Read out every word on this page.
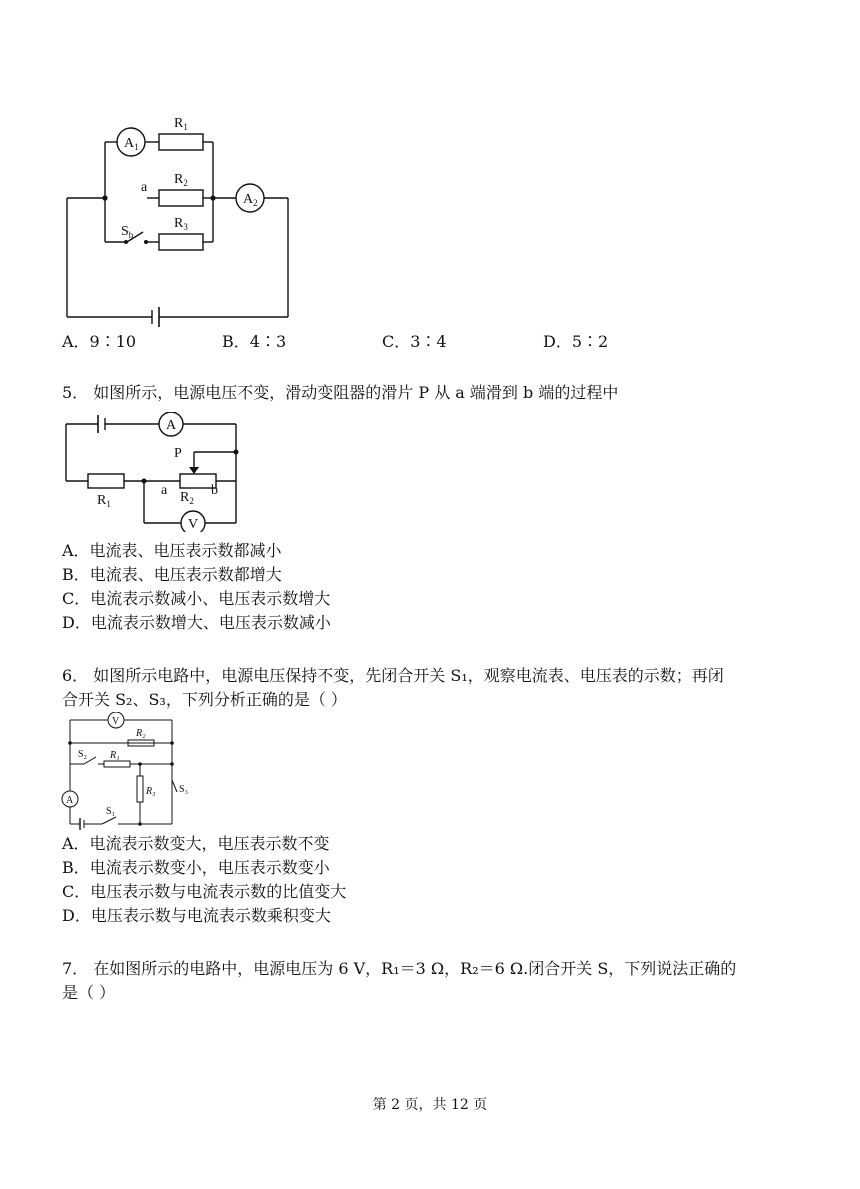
$A_1$
$A_2$
$R_1$
$R_2$
$R_3$
a
$S_b$
A．9∶10	B．4∶3	C．3∶4	D．5∶2
5． 如图所示，电源电压不变，滑动变阻器的滑片 P 从 a 端滑到 b 端的过程中
A
V
P
$R_1$	$R_2$
a	b
A．电流表、电压表示数都减小
B．电流表、电压表示数都增大
C．电流表示数减小、电压表示数增大
D．电流表示数增大、电压表示数减小
6． 如图所示电路中，电源电压保持不变，先闭合开关 S₁，观察电流表、电压表的示数；再闭
合开关 S₂、S₃，下列分析正确的是（ ）
V
A
R₂
R₁
R₃
S₂
S₃
S₁
A．电流表示数变大，电压表示数不变
B．电流表示数变小，电压表示数变小
C．电压表示数与电流表示数的比值变大
D．电压表示数与电流表示数乘积变大
7． 在如图所示的电路中，电源电压为 6 V，R₁＝3 Ω，R₂＝6 Ω.闭合开关 S，下列说法正确的
是（ ）
第 2 页，共 12 页
